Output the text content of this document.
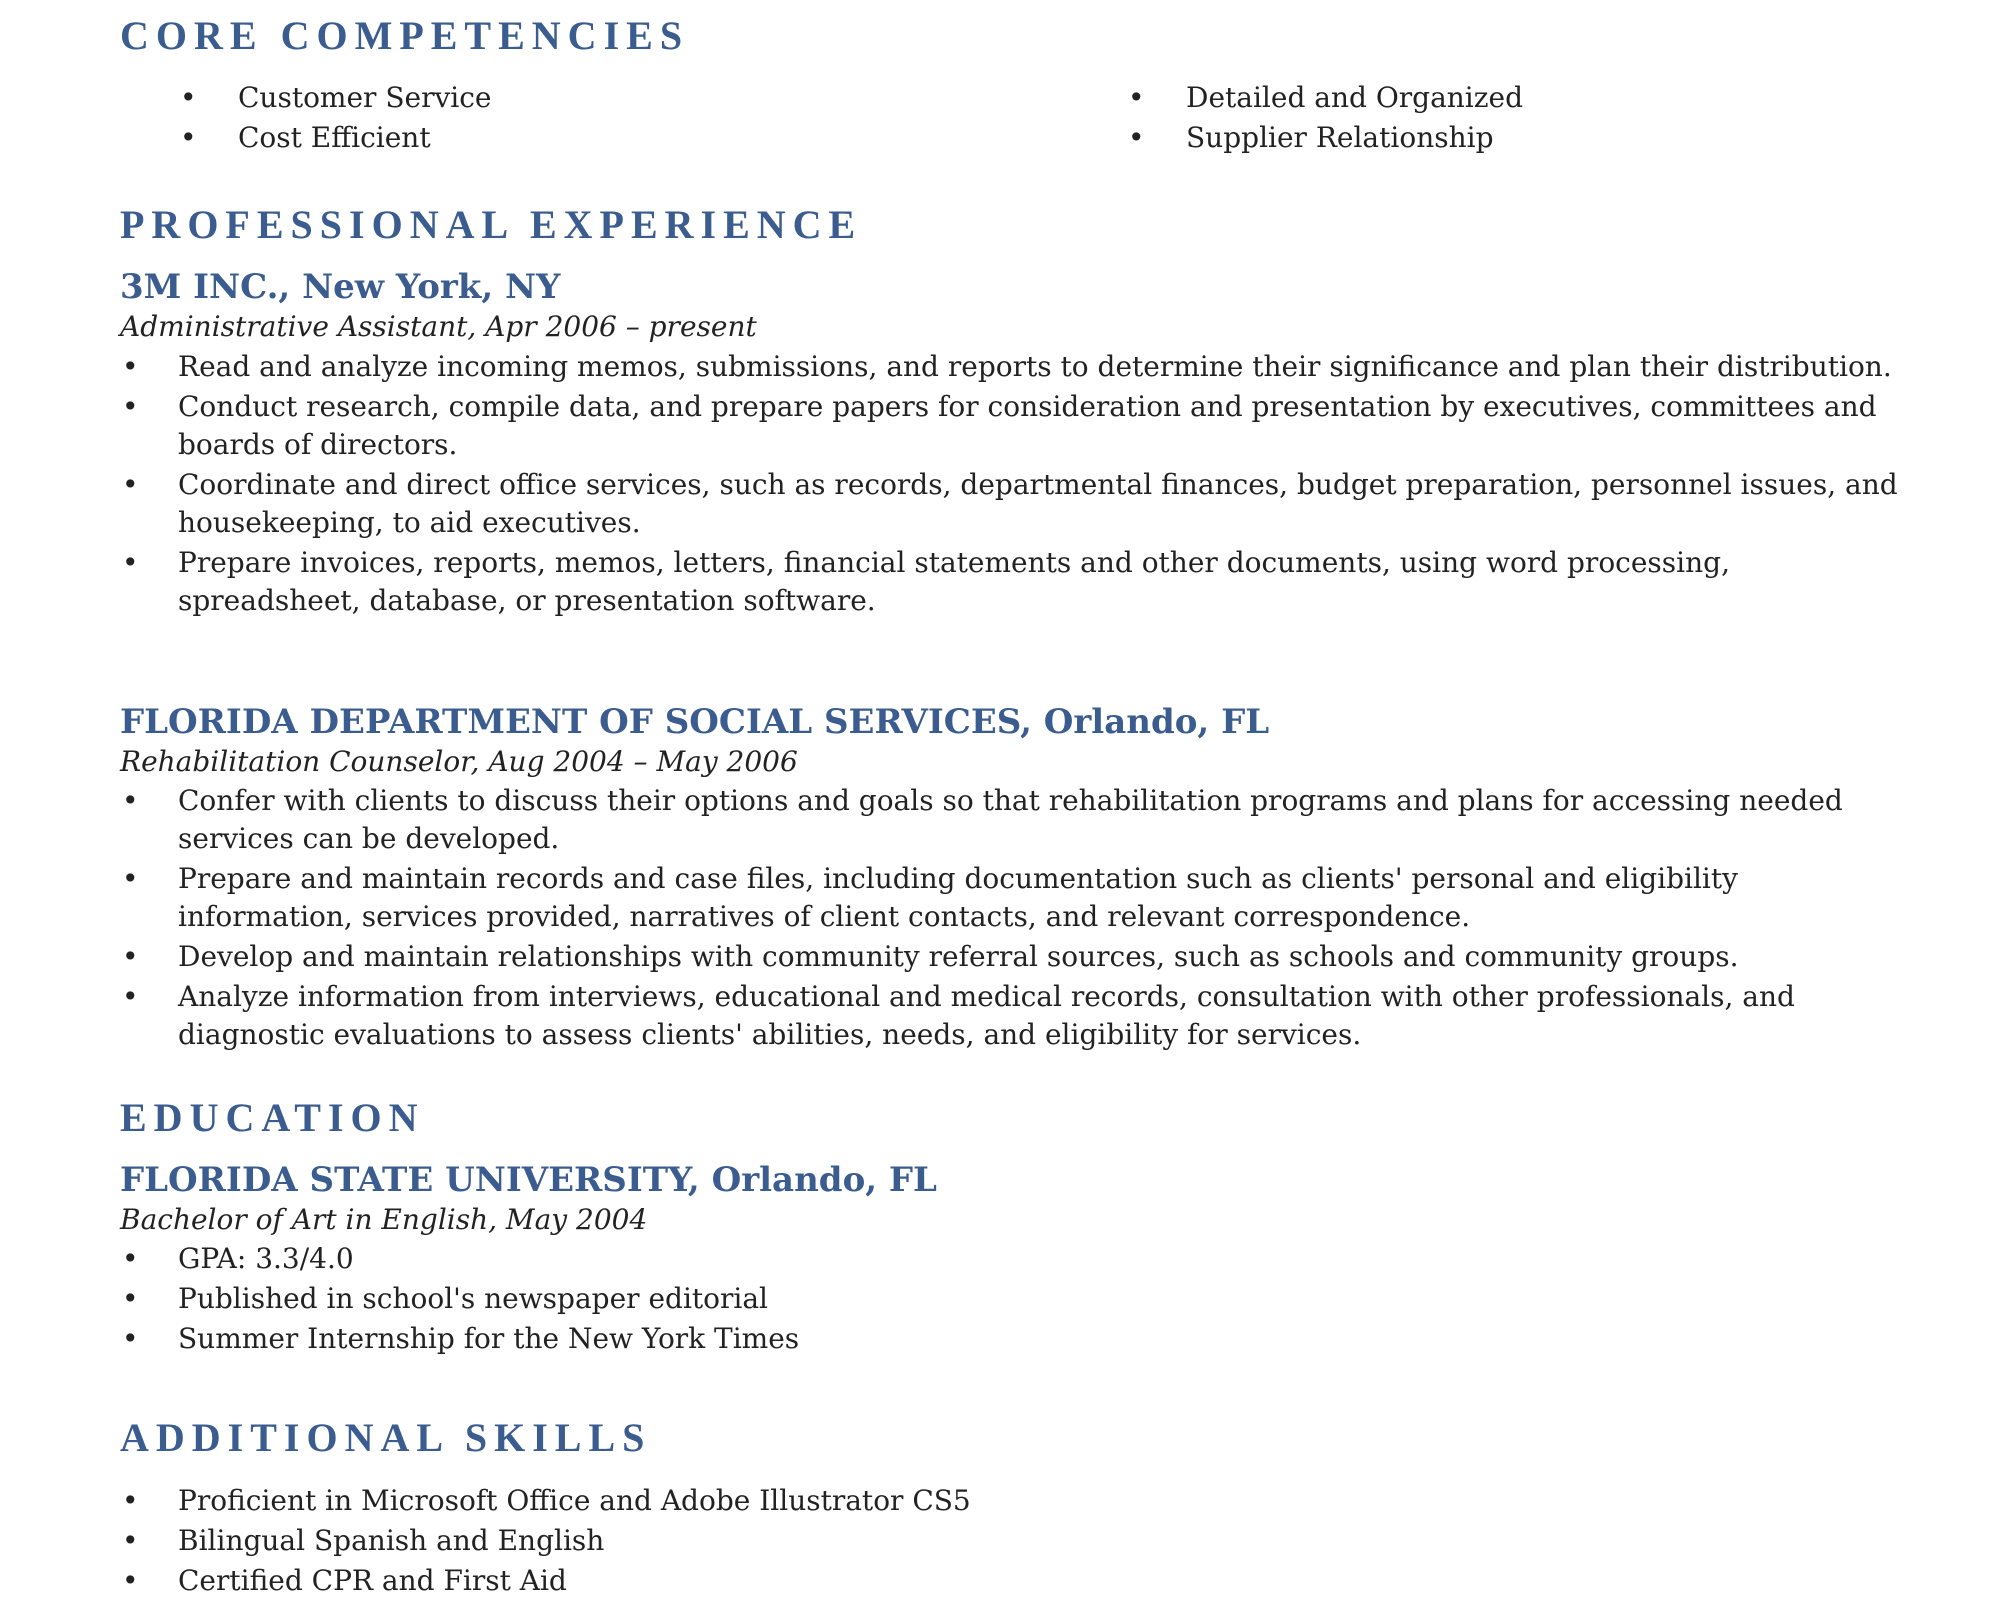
CORE COMPETENCIES
• Customer Service
• Cost Efficient
• Detailed and Organized
• Supplier Relationship
PROFESSIONAL EXPERIENCE
3M INC., New York, NY
Administrative Assistant, Apr 2006 – present
• Read and analyze incoming memos, submissions, and reports to determine their significance and plan their distribution.
• Conduct research, compile data, and prepare papers for consideration and presentation by executives, committees and boards of directors.
• Coordinate and direct office services, such as records, departmental finances, budget preparation, personnel issues, and housekeeping, to aid executives.
• Prepare invoices, reports, memos, letters, financial statements and other documents, using word processing, spreadsheet, database, or presentation software.
FLORIDA DEPARTMENT OF SOCIAL SERVICES, Orlando, FL
Rehabilitation Counselor, Aug 2004 – May 2006
• Confer with clients to discuss their options and goals so that rehabilitation programs and plans for accessing needed services can be developed.
• Prepare and maintain records and case files, including documentation such as clients' personal and eligibility information, services provided, narratives of client contacts, and relevant correspondence.
• Develop and maintain relationships with community referral sources, such as schools and community groups.
• Analyze information from interviews, educational and medical records, consultation with other professionals, and diagnostic evaluations to assess clients' abilities, needs, and eligibility for services.
EDUCATION
FLORIDA STATE UNIVERSITY, Orlando, FL
Bachelor of Art in English, May 2004
• GPA: 3.3/4.0
• Published in school's newspaper editorial
• Summer Internship for the New York Times
ADDITIONAL SKILLS
• Proficient in Microsoft Office and Adobe Illustrator CS5
• Bilingual Spanish and English
• Certified CPR and First Aid
